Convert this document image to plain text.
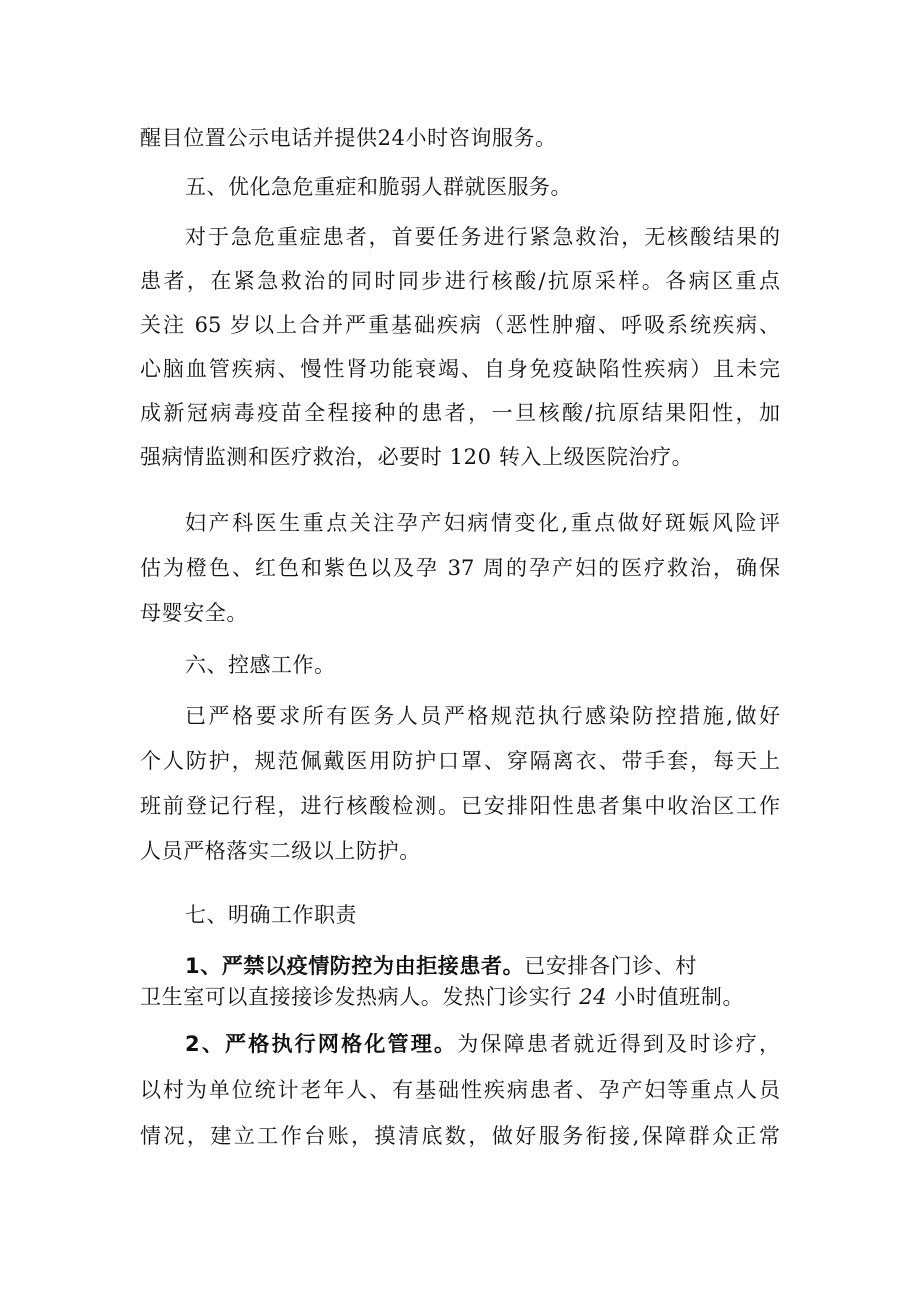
醒目位置公示电话并提供24小时咨询服务。
五、优化急危重症和脆弱人群就医服务。
对于急危重症患者，首要任务进行紧急救治，无核酸结果的
患者，在紧急救治的同时同步进行核酸/抗原采样。各病区重点
关注 65 岁以上合并严重基础疾病（恶性肿瘤、呼吸系统疾病、
心脑血管疾病、慢性肾功能衰竭、自身免疫缺陷性疾病）且未完
成新冠病毒疫苗全程接种的患者，一旦核酸/抗原结果阳性，加
强病情监测和医疗救治，必要时 120 转入上级医院治疗。
妇产科医生重点关注孕产妇病情变化,重点做好斑娠风险评
估为橙色、红色和紫色以及孕 37 周的孕产妇的医疗救治，确保
母婴安全。
六、控感工作。
已严格要求所有医务人员严格规范执行感染防控措施,做好
个人防护，规范佩戴医用防护口罩、穿隔离衣、带手套，每天上
班前登记行程，进行核酸检测。已安排阳性患者集中收治区工作
人员严格落实二级以上防护。
七、明确工作职责
1、严禁以疫情防控为由拒接患者。已安排各门诊、村
卫生室可以直接接诊发热病人。发热门诊实行 24 小时值班制。
2、严格执行网格化管理。为保障患者就近得到及时诊疗，
以村为单位统计老年人、有基础性疾病患者、孕产妇等重点人员
情况，建立工作台账，摸清底数，做好服务衔接,保障群众正常
